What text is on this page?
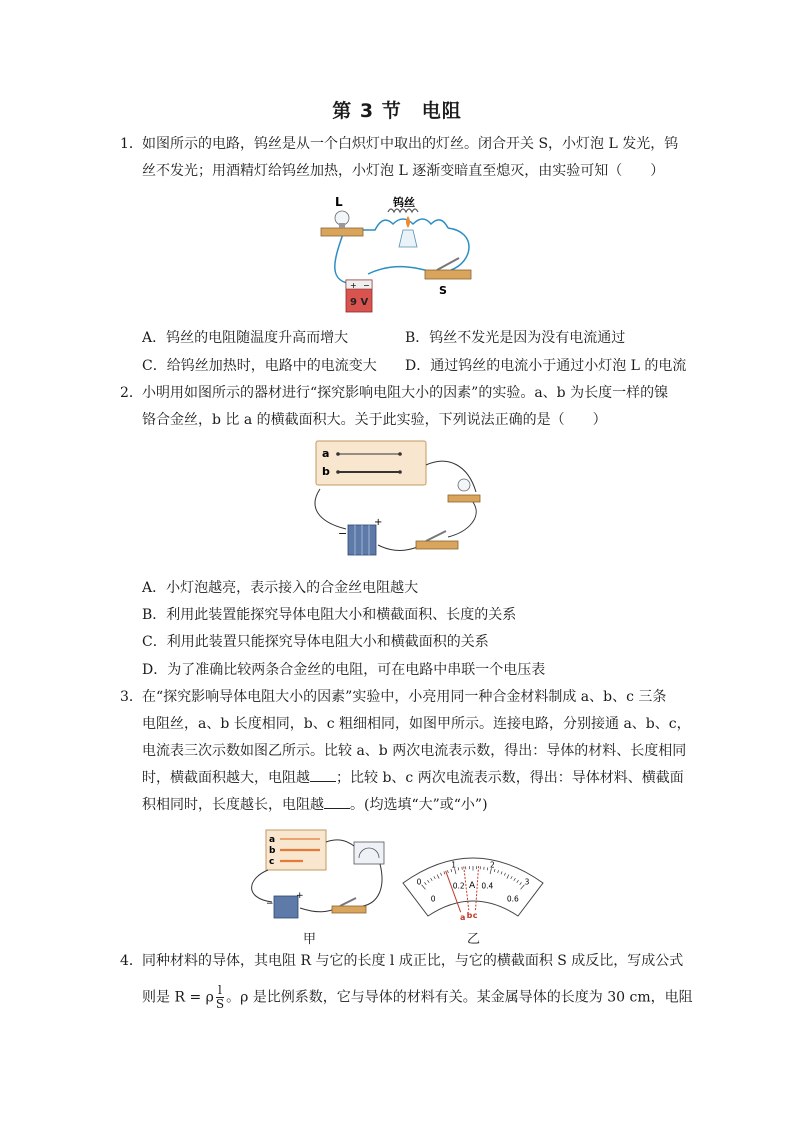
第 3 节　电阻
1． 如图所示的电路，钨丝是从一个白炽灯中取出的灯丝。闭合开关 S，小灯泡 L 发光，钨
丝不发光；用酒精灯给钨丝加热，小灯泡 L 逐渐变暗直至熄灭，由实验可知（　　）
钨丝
L
+ −
9 V
S
A．钨丝的电阻随温度升高而增大	B．钨丝不发光是因为没有电流通过
C．给钨丝加热时，电路中的电流变大 D．通过钨丝的电流小于通过小灯泡 L 的电流
2． 小明用如图所示的器材进行“探究影响电阻大小的因素”的实验。a、b 为长度一样的镍
铬合金丝，b 比 a 的横截面积大。关于此实验，下列说法正确的是（　　）
a
b
−
+
A．小灯泡越亮，表示接入的合金丝电阻越大
B．利用此装置能探究导体电阻大小和横截面积、长度的关系
C．利用此装置只能探究导体电阻大小和横截面积的关系
D．为了准确比较两条合金丝的电阻，可在电路中串联一个电压表
3． 在“探究影响导体电阻大小的因素”实验中，小亮用同一种合金材料制成 a、b、c 三条
电阻丝，a、b 长度相同，b、c 粗细相同，如图甲所示。连接电路，分别接通 a、b、c，
电流表三次示数如图乙所示。比较 a、b 两次电流表示数，得出：导体的材料、长度相同
时，横截面积越大，电阻越 ；比较 b、c 两次电流表示数，得出：导体材料、横截面
积相同时，长度越长，电阻越 。(均选填“大”或“小”)
a
b
c
−
+
甲
0
1	2
3
0
0.2 0.4
0.6
A
a b c
乙
4． 同种材料的导体，其电阻 R 与它的长度 l 成正比，与它的横截面积 S 成反比，写成公式
则是 R = ρ $\frac{l}{S}$ 。ρ 是比例系数，它与导体的材料有关。某金属导体的长度为 30 cm，电阻
